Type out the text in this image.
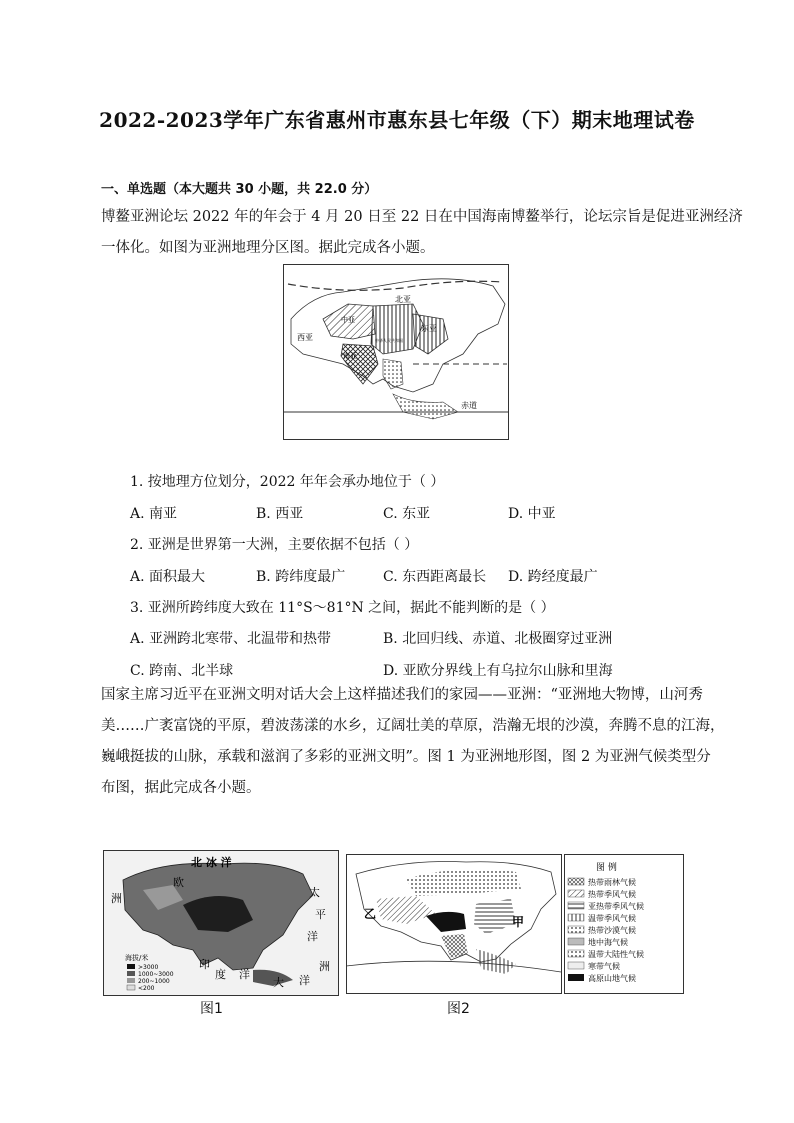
2022-2023学年广东省惠州市惠东县七年级（下）期末地理试卷
一、单选题（本大题共 30 小题，共 22.0 分）
博鳌亚洲论坛 2022 年的年会于 4 月 20 日至 22 日在中国海南博鳌举行，论坛宗旨是促进亚洲经济
一体化。如图为亚洲地理分区图。据此完成各小题。
北亚
东亚
西亚
南亚
中亚
中华人民共和国
赤道
1. 按地理方位划分，2022 年年会承办地位于（ ）
A. 南亚	B. 西亚	C. 东亚	D. 中亚
2. 亚洲是世界第一大洲，主要依据不包括（ ）
A. 面积最大	B. 跨纬度最广	C. 东西距离最长 D. 跨经度最广
3. 亚洲所跨纬度大致在 11°S～81°N 之间，据此不能判断的是（ ）
A. 亚洲跨北寒带、北温带和热带	B. 北回归线、赤道、北极圈穿过亚洲
C. 跨南、北半球	D. 亚欧分界线上有乌拉尔山脉和里海
国家主席习近平在亚洲文明对话大会上这样描述我们的家园——亚洲：“亚洲地大物博，山河秀
美……广袤富饶的平原，碧波荡漾的水乡，辽阔壮美的草原，浩瀚无垠的沙漠，奔腾不息的江海，
巍峨挺拔的山脉，承载和滋润了多彩的亚洲文明”。图 1 为亚洲地形图，图 2 为亚洲气候类型分
布图，据此完成各小题。
北 冰 洋
欧
洲	太
平
洋
印
度 洋
大 洋
洲
海拔/米
>3000
1000~3000
200~1000
<200
图1
乙
甲
图 例
热带雨林气候
热带季风气候
亚热带季风气候
温带季风气候
热带沙漠气候
地中海气候
温带大陆性气候
寒带气候
高原山地气候
图2
